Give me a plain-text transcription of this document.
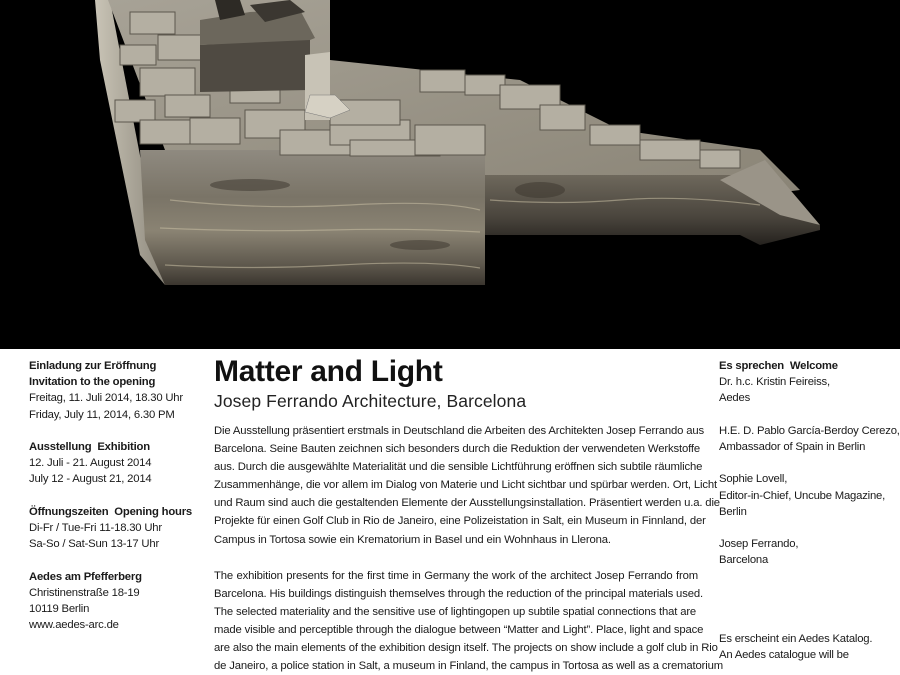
Einladung zur Eröffnung
Invitation to the opening
Freitag, 11. Juli 2014, 18.30 Uhr
Friday, July 11, 2014, 6.30 PM
Ausstellung  Exhibition
12. Juli - 21. August 2014
July 12 - August 21, 2014
Öffnungszeiten  Opening hours
Di-Fr / Tue-Fri 11-18.30 Uhr
Sa-So / Sat-Sun 13-17 Uhr
Aedes am Pfefferberg
Christinenstraße 18-19
10119 Berlin
www.aedes-arc.de
Matter and Light
Josep Ferrando Architecture, Barcelona
Die Ausstellung präsentiert erstmals in Deutschland die Arbeiten des Architekten Josep Ferrando aus
Barcelona. Seine Bauten zeichnen sich besonders durch die Reduktion der verwendeten Werkstoffe
aus. Durch die ausgewählte Materialität und die sensible Lichtführung eröffnen sich subtile räumliche
Zusammenhänge, die vor allem im Dialog von Materie und Licht sichtbar und spürbar werden. Ort, Licht
und Raum sind auch die gestaltenden Elemente der Ausstellungsinstallation. Präsentiert werden u.a. die
Projekte für einen Golf Club in Rio de Janeiro, eine Polizeistation in Salt, ein Museum in Finnland, der
Campus in Tortosa sowie ein Krematorium in Basel und ein Wohnhaus in Llerona.
The exhibition presents for the first time in Germany the work of the architect Josep Ferrando from
Barcelona. His buildings distinguish themselves through the reduction of the principal materials used.
The selected materiality and the sensitive use of lightingopen up subtile spatial connections that are
made visible and perceptible through the dialogue between “Matter and Light”. Place, light and space
are also the main elements of the exhibition design itself. The projects on show include a golf club in Rio
de Janeiro, a police station in Salt, a museum in Finland, the campus in Tortosa as well as a crematorium
Es sprechen  Welcome
Dr. h.c. Kristin Feireiss,
Aedes
H.E. D. Pablo García-Berdoy Cerezo,
Ambassador of Spain in Berlin
Sophie Lovell,
Editor-in-Chief, Uncube Magazine,
Berlin
Josep Ferrando,
Barcelona
Es erscheint ein Aedes Katalog.
An Aedes catalogue will be
